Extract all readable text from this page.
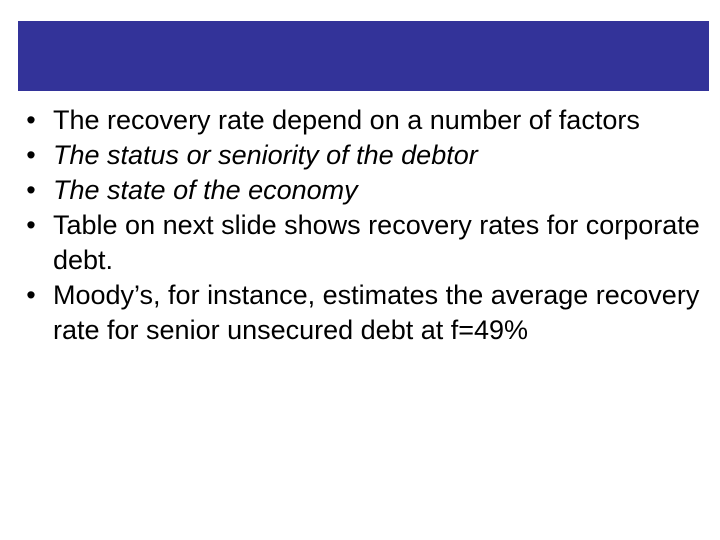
• The recovery rate depend on a number of factors
• The status or seniority of the debtor
• The state of the economy
• Table on next slide shows recovery rates for corporate debt.
• Moody’s, for instance, estimates the average recovery rate for senior unsecured debt at f=49%
